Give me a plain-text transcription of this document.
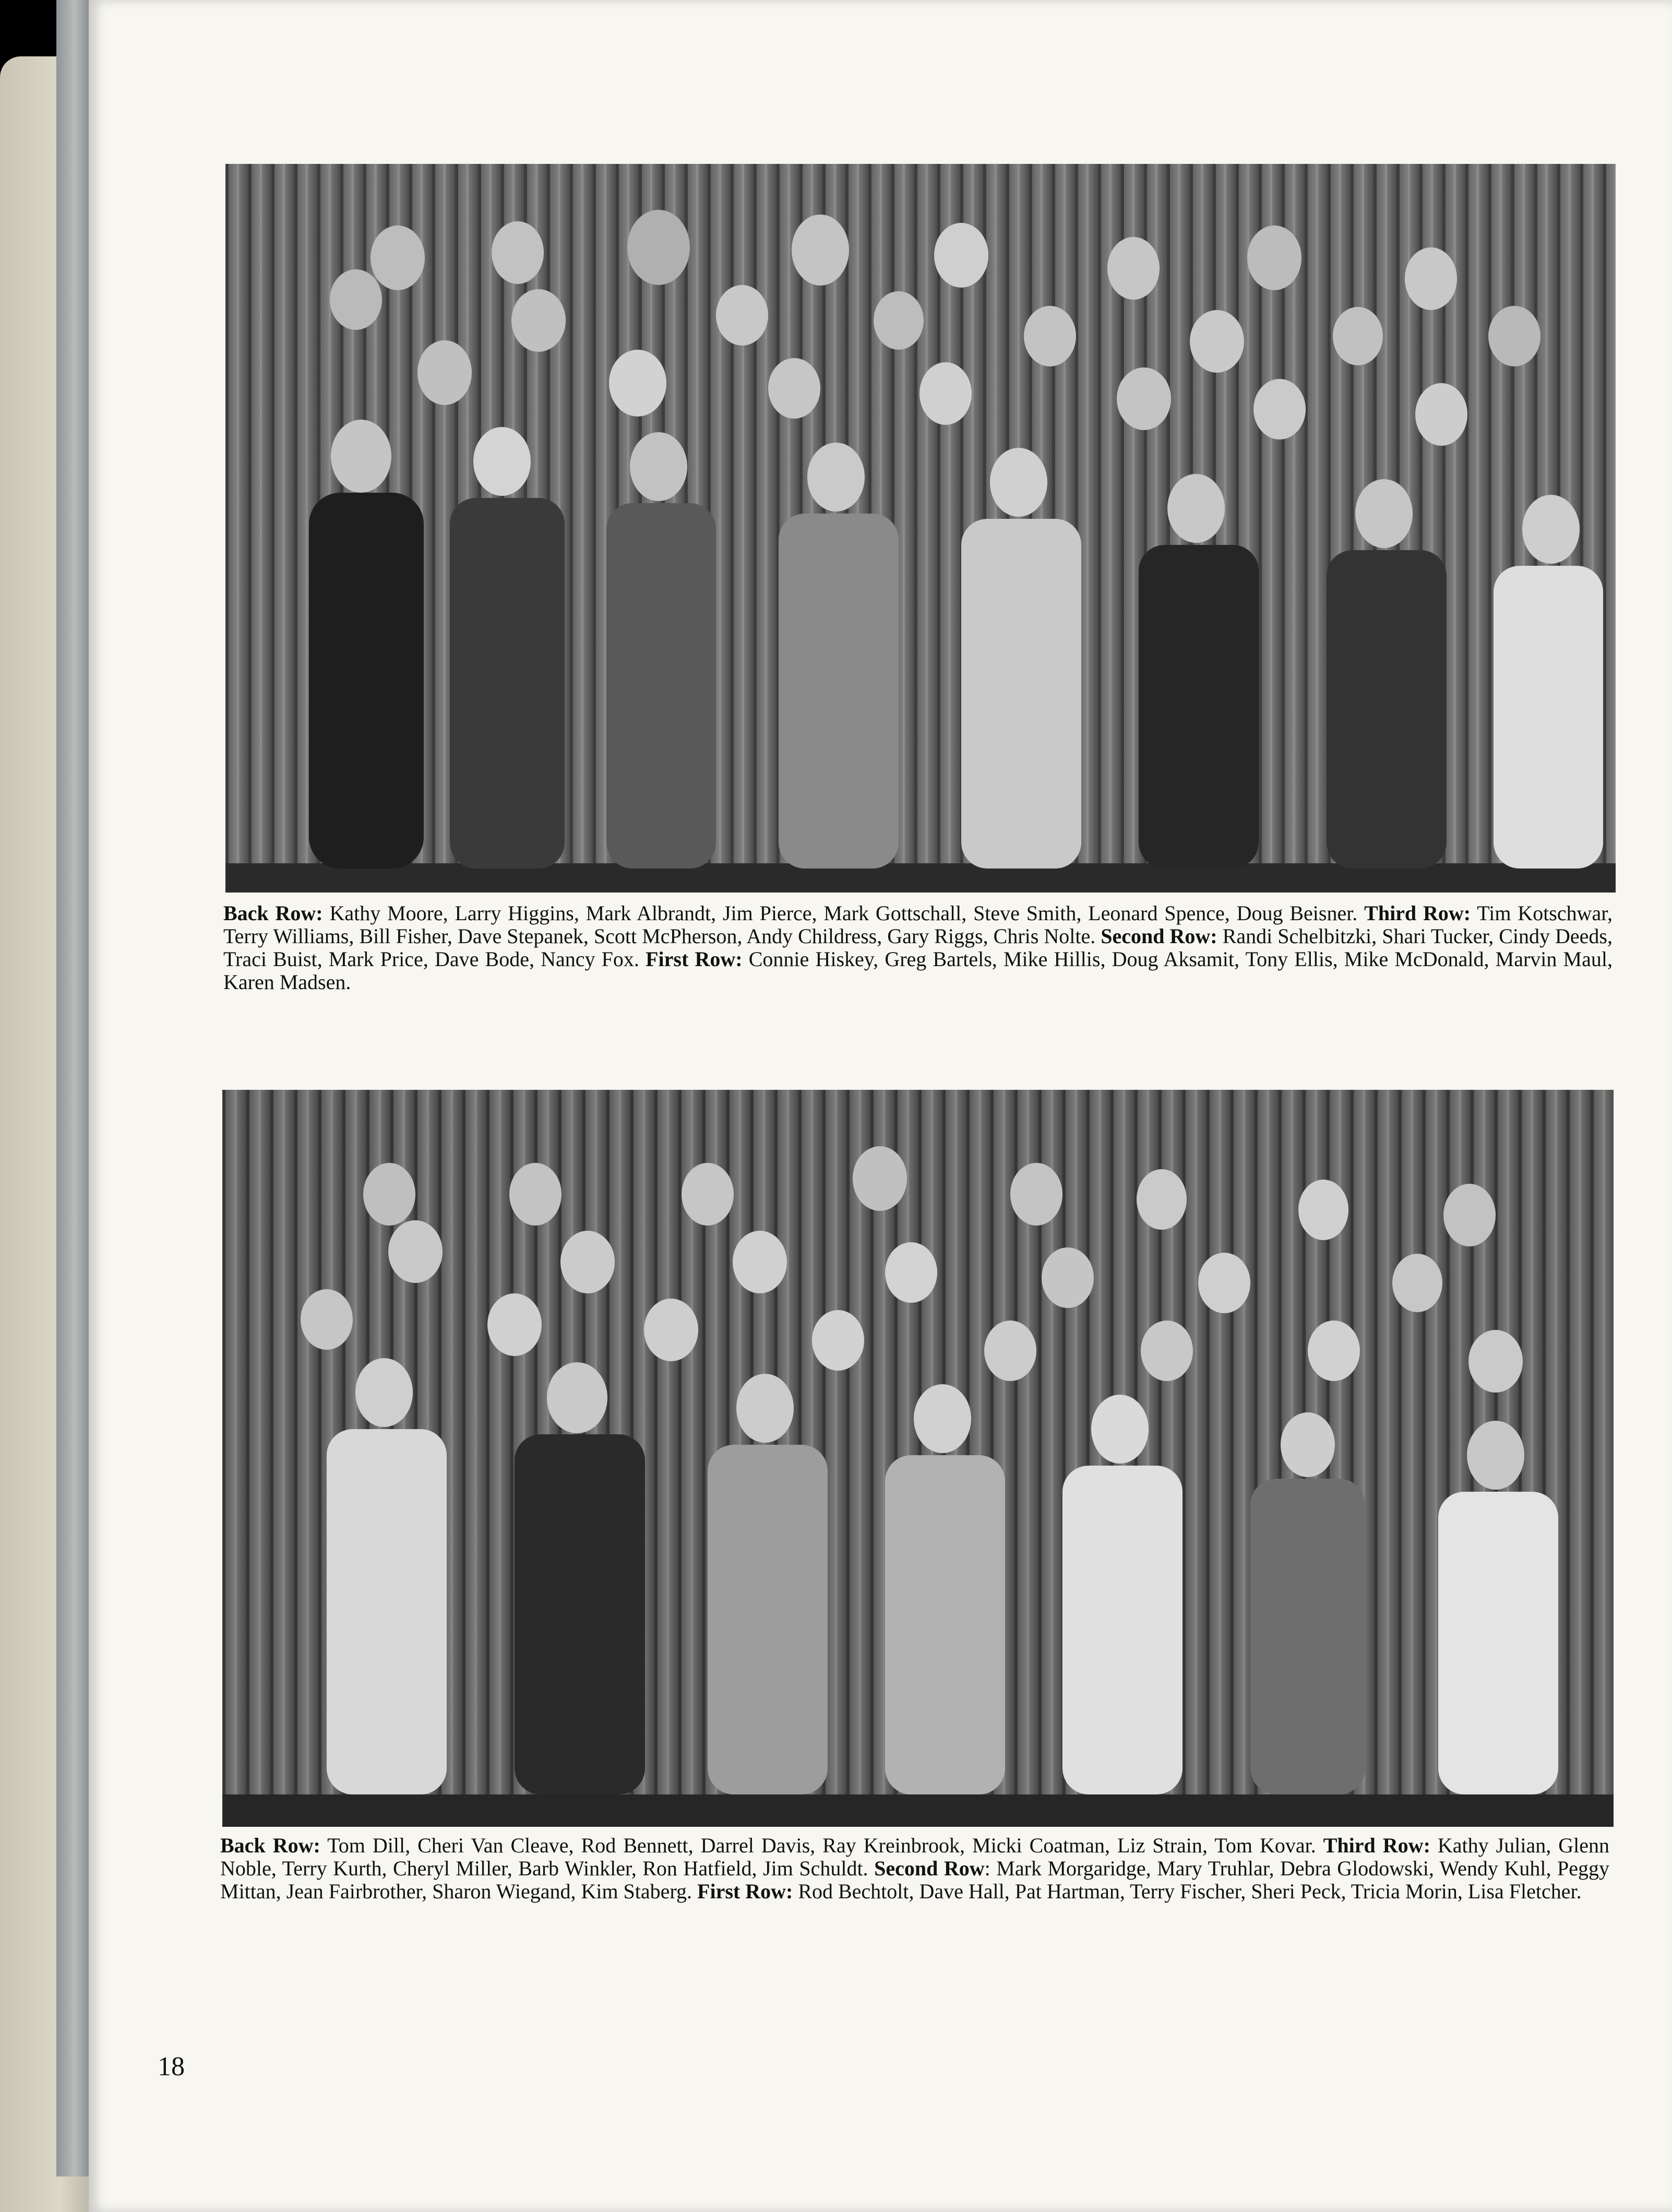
Back Row: Kathy Moore, Larry Higgins, Mark Albrandt, Jim Pierce, Mark Gottschall, Steve Smith, Leonard Spence, Doug Beisner. Third Row: Tim Kotschwar, Terry Williams, Bill Fisher, Dave Stepanek, Scott McPherson, Andy Childress, Gary Riggs, Chris Nolte. Second Row: Randi Schelbitzki, Shari Tucker, Cindy Deeds, Traci Buist, Mark Price, Dave Bode, Nancy Fox. First Row: Connie Hiskey, Greg Bartels, Mike Hillis, Doug Aksamit, Tony Ellis, Mike McDonald, Marvin Maul, Karen Madsen.

Back Row: Tom Dill, Cheri Van Cleave, Rod Bennett, Darrel Davis, Ray Kreinbrook, Micki Coatman, Liz Strain, Tom Kovar. Third Row: Kathy Julian, Glenn Noble, Terry Kurth, Cheryl Miller, Barb Winkler, Ron Hatfield, Jim Schuldt. Second Row: Mark Morgaridge, Mary Truhlar, Debra Glodowski, Wendy Kuhl, Peggy Mittan, Jean Fairbrother, Sharon Wiegand, Kim Staberg. First Row: Rod Bechtolt, Dave Hall, Pat Hartman, Terry Fischer, Sheri Peck, Tricia Morin, Lisa Fletcher.

18
